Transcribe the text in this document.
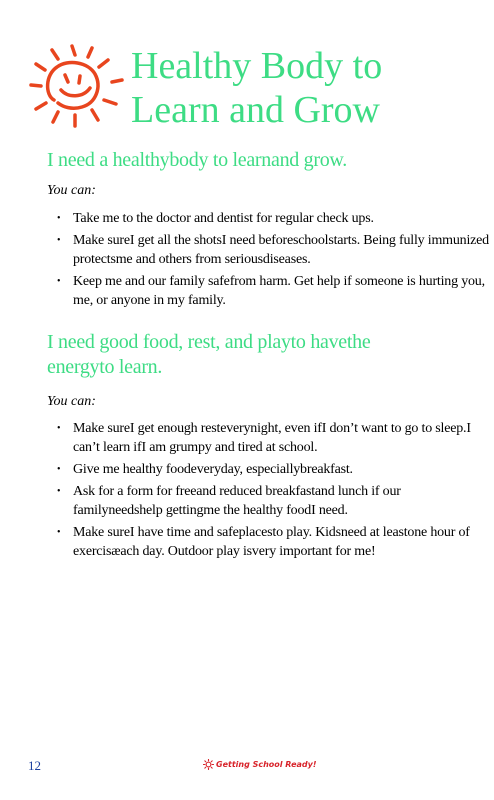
Healthy Body to
Learn and Grow
I need a healthybody to learnand grow.

You can:

• Take me to the doctor and dentist for regular check ups.
• Make sureI get all the shotsI need beforeschoolstarts. Being fully immunized protectsme and others from seriousdiseases.
• Keep me and our family safefrom harm. Get help if someone is hurting you, me, or anyone in my family.
I need good food, rest, and playto havethe
energyto learn.

You can:

• Make sureI get enough resteverynight, even ifI don’t want to go to sleep.I can’t learn ifI am grumpy and tired at school.
• Give me healthy foodeveryday, especiallybreakfast.
• Ask for a form for freeand reduced breakfastand lunch if our familyneedshelp gettingme the healthy foodI need.
• Make sureI have time and safeplacesto play. Kidsneed at leastone hour of exercisæach day. Outdoor play isvery important for me!
12	Getting School Ready!
